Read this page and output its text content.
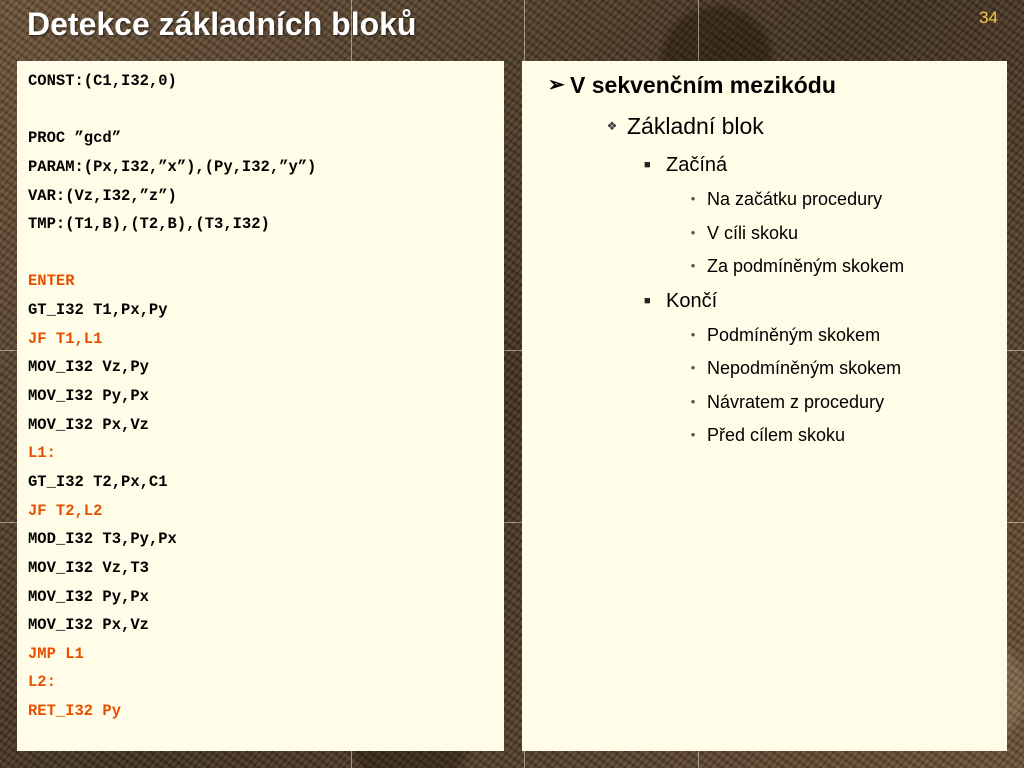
Detekce základních bloků	34
CONST:(C1,I32,0)
PROC ”gcd”
PARAM:(Px,I32,”x”),(Py,I32,”y”)
VAR:(Vz,I32,”z”)
TMP:(T1,B),(T2,B),(T3,I32)
ENTER
GT_I32 T1,Px,Py
JF T1,L1
MOV_I32 Vz,Py
MOV_I32 Py,Px
MOV_I32 Px,Vz
L1:
GT_I32 T2,Px,C1
JF T2,L2
MOD_I32 T3,Py,Px
MOV_I32 Vz,T3
MOV_I32 Py,Px
MOV_I32 Px,Vz
JMP L1
L2:
RET_I32 Py
➢ V sekvenčním mezikódu
❖ Základní blok
■ Začíná
• Na začátku procedury
• V cíli skoku
• Za podmíněným skokem
■ Končí
• Podmíněným skokem
• Nepodmíněným skokem
• Návratem z procedury
• Před cílem skoku
